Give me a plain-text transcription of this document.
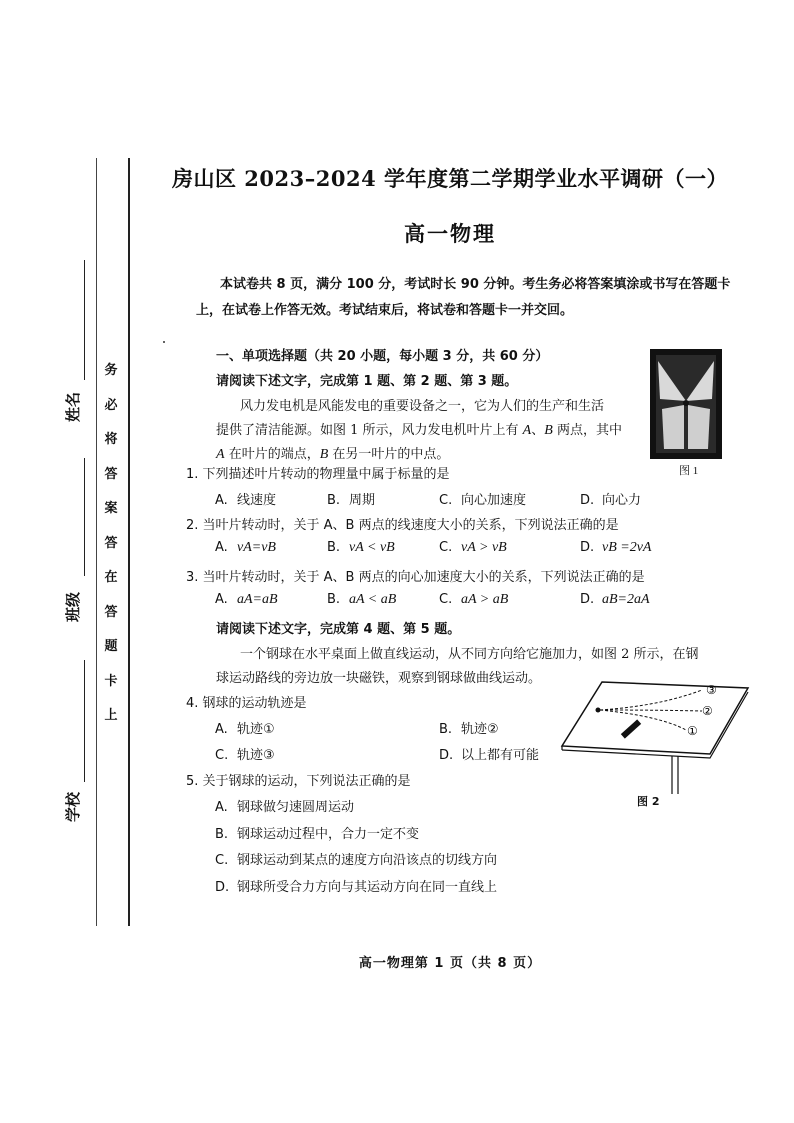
务
必
将
答
案
答
在
答
题
卡
上
姓名
班级
学校
房山区 2023–2024 学年度第二学期学业水平调研（一）
高一物理
本试卷共 8 页，满分 100 分，考试时长 90 分钟。考生务必将答案填涂或书写在答题卡上，在试卷上作答无效。考试结束后，将试卷和答题卡一并交回。
一、单项选择题（共 20 小题，每小题 3 分，共 60 分）
请阅读下述文字，完成第 1 题、第 2 题、第 3 题。
风力发电机是风能发电的重要设备之一，它为人们的生产和生活
提供了清洁能源。如图 1 所示，风力发电机叶片上有 A、B 两点，其中
A 在叶片的端点，B 在另一叶片的中点。
图 1
1. 下列描述叶片转动的物理量中属于标量的是
A. 线速度	B. 周期	C. 向心加速度	D. 向心力
2. 当叶片转动时，关于 A、B 两点的线速度大小的关系，下列说法正确的是
A. vA=vB	B. vA < vB	C. vA > vB	D. vB =2vA
3. 当叶片转动时，关于 A、B 两点的向心加速度大小的关系，下列说法正确的是
A. aA=aB	B. aA < aB	C. aA > aB	D. aB=2aA
请阅读下述文字，完成第 4 题、第 5 题。
一个钢球在水平桌面上做直线运动，从不同方向给它施加力，如图 2 所示，在钢
球运动路线的旁边放一块磁铁，观察到钢球做曲线运动。
③
②
①
图 2
4. 钢球的运动轨迹是
A. 轨迹①	B. 轨迹②
C. 轨迹③	D. 以上都有可能
5. 关于钢球的运动，下列说法正确的是
A. 钢球做匀速圆周运动
B. 钢球运动过程中，合力一定不变
C. 钢球运动到某点的速度方向沿该点的切线方向
D. 钢球所受合力方向与其运动方向在同一直线上
高一物理第 1 页（共 8 页）
